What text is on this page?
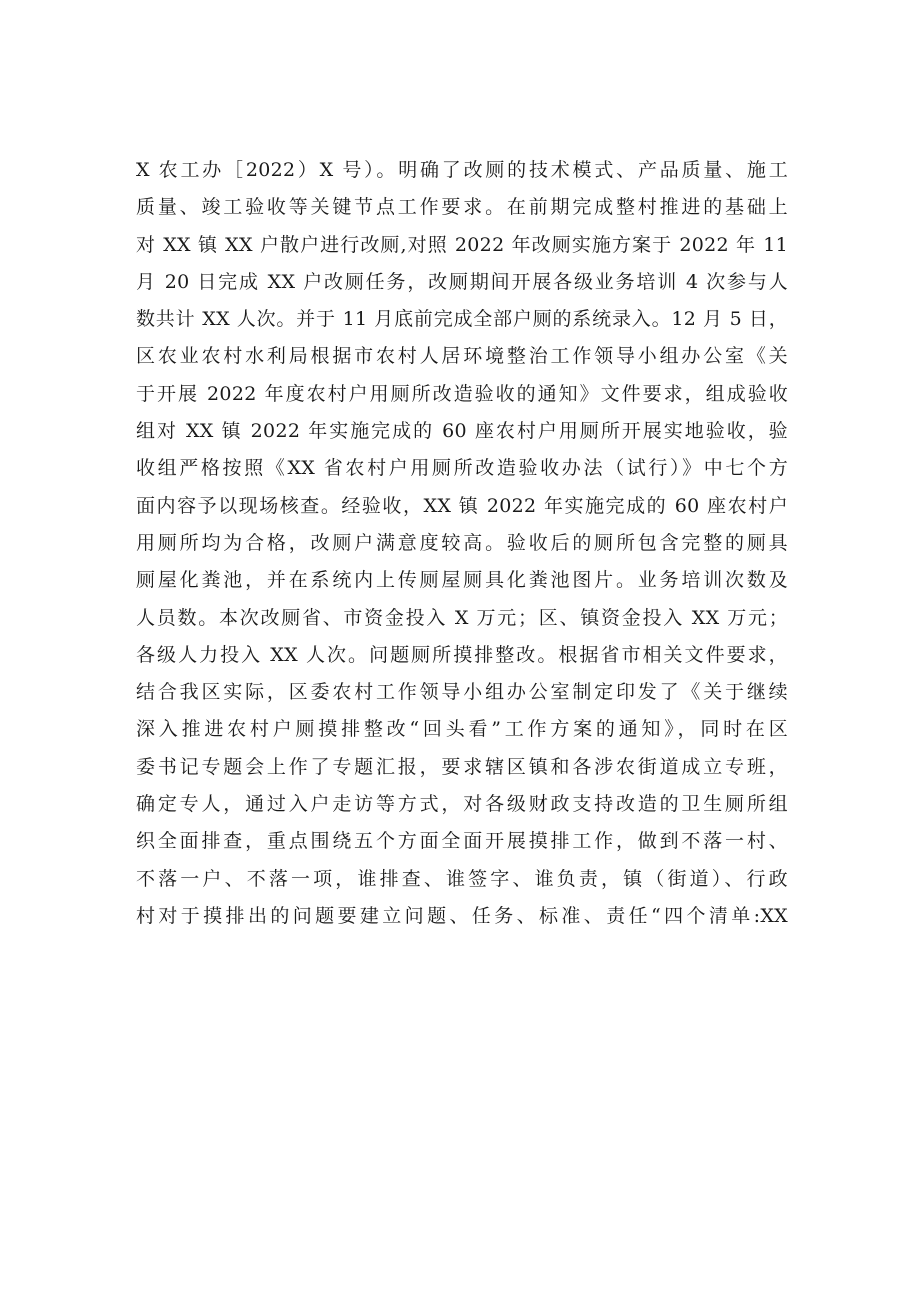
X 农工办［2022）X 号）。明确了改厕的技术模式、产品质量、施工
质量、竣工验收等关键节点工作要求。在前期完成整村推进的基础上
对 XX 镇 XX 户散户进行改厕,对照 2022 年改厕实施方案于 2022 年 11
月 20 日完成 XX 户改厕任务，改厕期间开展各级业务培训 4 次参与人
数共计 XX 人次。并于 11 月底前完成全部户厕的系统录入。12 月 5 日，
区农业农村水利局根据市农村人居环境整治工作领导小组办公室《关
于开展 2022 年度农村户用厕所改造验收的通知》文件要求，组成验收
组对 XX 镇 2022 年实施完成的 60 座农村户用厕所开展实地验收，验
收组严格按照《XX 省农村户用厕所改造验收办法（试行）》中七个方
面内容予以现场核查。经验收，XX 镇 2022 年实施完成的 60 座农村户
用厕所均为合格，改厕户满意度较高。验收后的厕所包含完整的厕具
厕屋化粪池，并在系统内上传厕屋厕具化粪池图片。业务培训次数及
人员数。本次改厕省、市资金投入 X 万元；区、镇资金投入 XX 万元；
各级人力投入 XX 人次。问题厕所摸排整改。根据省市相关文件要求，
结合我区实际，区委农村工作领导小组办公室制定印发了《关于继续
深入推进农村户厕摸排整改“回头看”工作方案的通知》，同时在区
委书记专题会上作了专题汇报，要求辖区镇和各涉农街道成立专班，
确定专人，通过入户走访等方式，对各级财政支持改造的卫生厕所组
织全面排查，重点围绕五个方面全面开展摸排工作，做到不落一村、
不落一户、不落一项，谁排查、谁签字、谁负责，镇（街道）、行政
村对于摸排出的问题要建立问题、任务、标准、责任“四个清单:XX
